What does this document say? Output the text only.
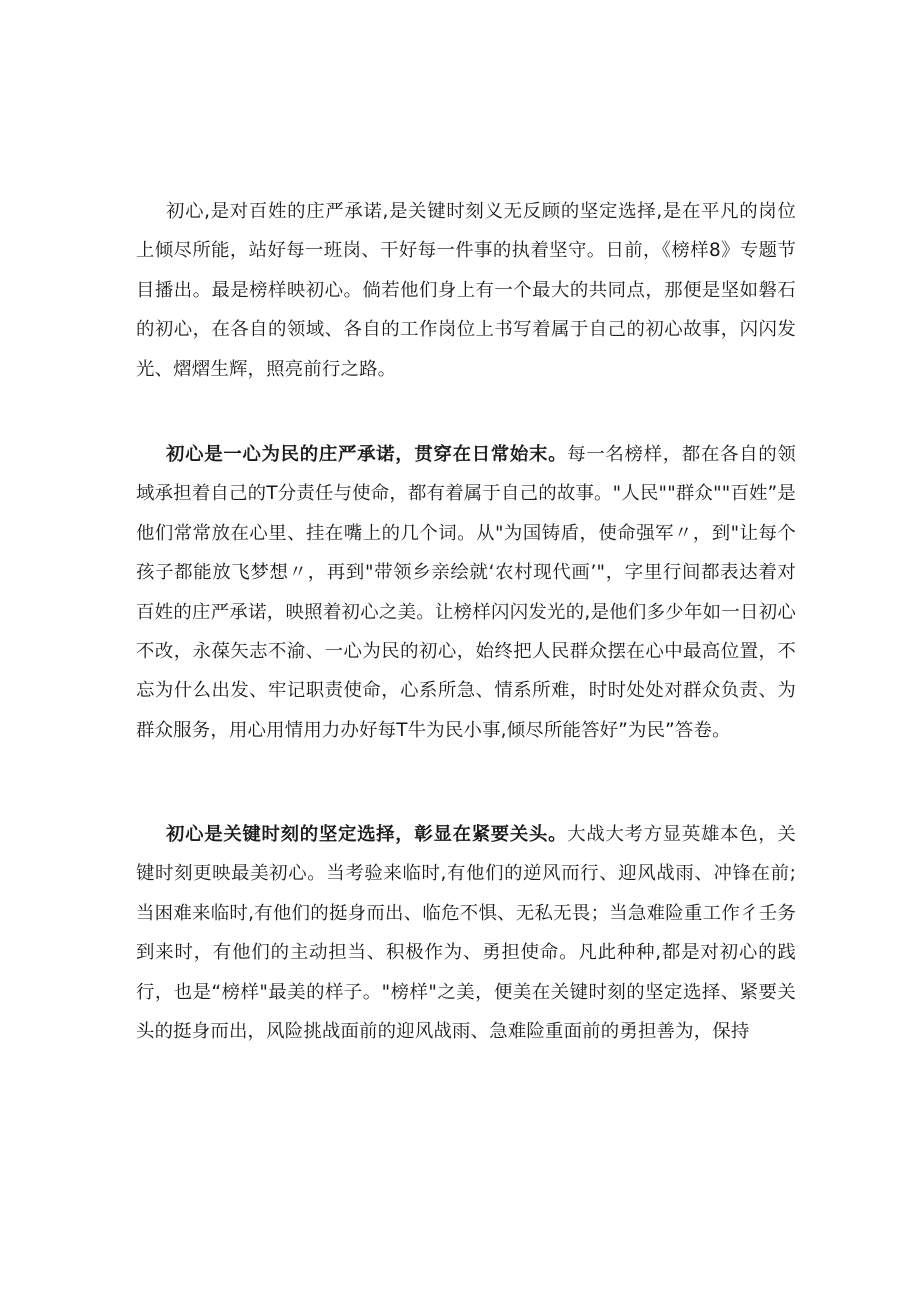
初心,是对百姓的庄严承诺,是关键时刻义无反顾的坚定选择,是在平凡的岗位上倾尽所能，站好每一班岗、干好每一件事的执着坚守。日前，《榜样8》专题节目播出。最是榜样映初心。倘若他们身上有一个最大的共同点，那便是坚如磐石的初心，在各自的领域、各自的工作岗位上书写着属于自己的初心故事，闪闪发光、熠熠生辉，照亮前行之路。

初心是一心为民的庄严承诺，贯穿在日常始末。每一名榜样，都在各自的领域承担着自己的T分责任与使命，都有着属于自己的故事。"人民""群众""百姓”是他们常常放在心里、挂在嘴上的几个词。从"为国铸盾，使命强军〃，到"让每个孩子都能放飞梦想〃，再到"带领乡亲绘就‘农村现代画’"，字里行间都表达着对百姓的庄严承诺，映照着初心之美。让榜样闪闪发光的,是他们多少年如一日初心不改，永葆矢志不渝、一心为民的初心，始终把人民群众摆在心中最高位置，不忘为什么出发、牢记职责使命，心系所急、情系所难，时时处处对群众负责、为群众服务，用心用情用力办好每T牛为民小事,倾尽所能答好”为民”答卷。

初心是关键时刻的坚定选择，彰显在紧要关头。大战大考方显英雄本色，关键时刻更映最美初心。当考验来临时,有他们的逆风而行、迎风战雨、冲锋在前;当困难来临时,有他们的挺身而出、临危不惧、无私无畏；当急难险重工作彳壬务到来时，有他们的主动担当、积极作为、勇担使命。凡此种种,都是对初心的践行，也是“榜样"最美的样子。"榜样"之美，便美在关键时刻的坚定选择、紧要关头的挺身而出，风险挑战面前的迎风战雨、急难险重面前的勇担善为，保持
